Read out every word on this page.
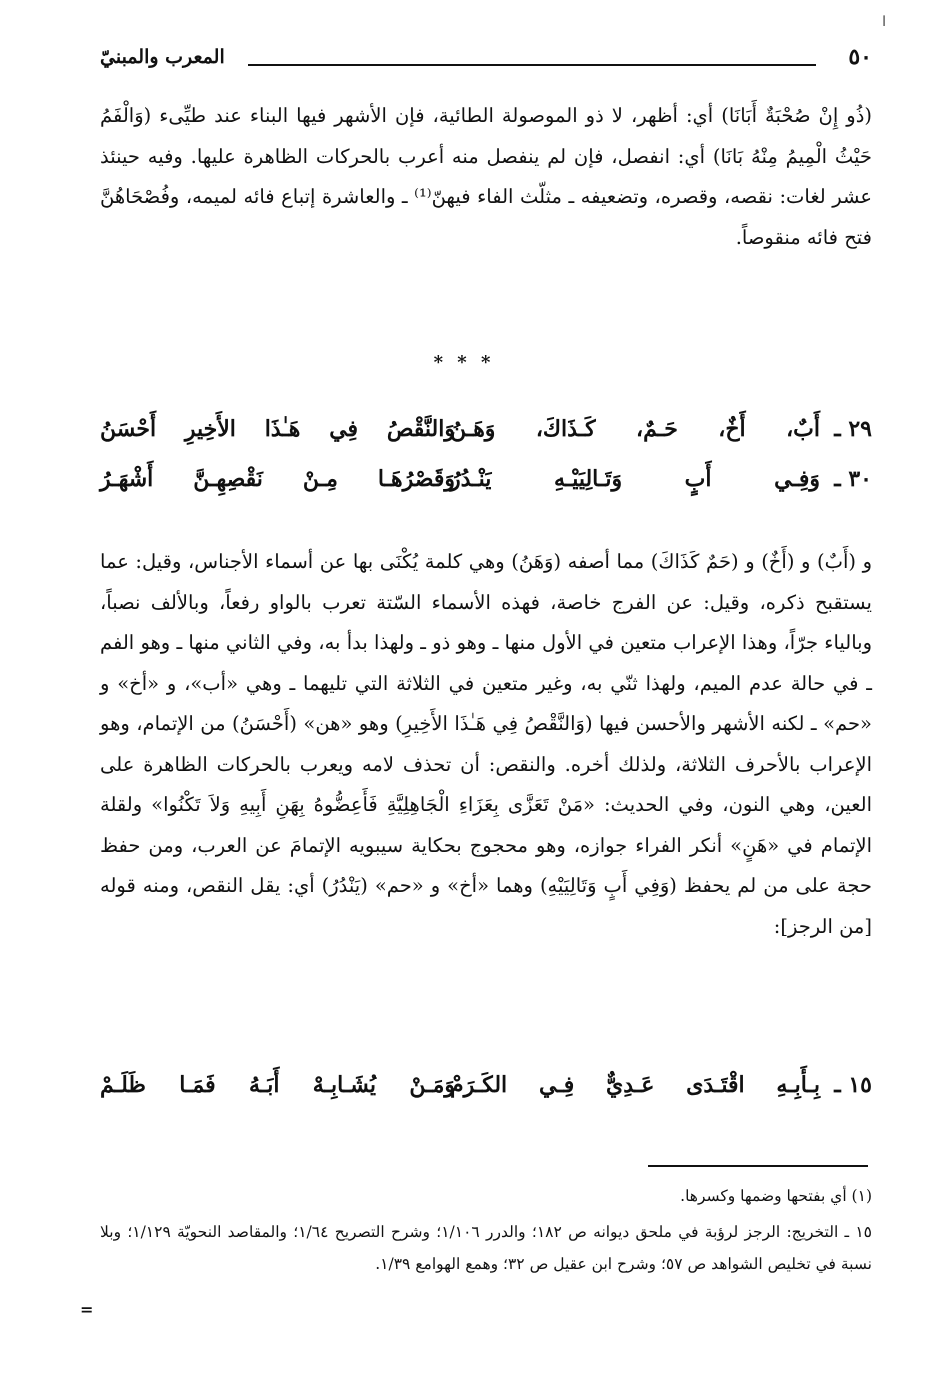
ا
٥٠
المعرب والمبنيّ
(ذُو إِنْ صُحْبَةٌ أَبَانَا) أي: أظهر، لا ذو الموصولة الطائية، فإن الأشهر فيها البناء عند طيِّىء (وَالْفَمُ حَيْثُ الْمِيمُ مِنْهُ بَانَا) أي: انفصل، فإن لم ينفصل منه أعرب بالحركات الظاهرة عليها. وفيه حينئذ عشر لغات: نقصه، وقصره، وتضعيفه ـ مثلّث الفاء فيهنّ⁽¹⁾ ـ والعاشرة إتباع فائه لميمه، وفُصْحَاهُنَّ فتح فائه منقوصاً.
* * *
٢٩ ـ
أَبٌ، أَخٌ، حَـمٌ، كَـذَاكَ، وَهَـنُ
وَالنَّقْصُ فِي هَـٰذَا الأَخِيرِ أَحْسَنُ
٣٠ ـ
وَفِـي أَبٍ وَتَـالِيَيْـهِ يَنْـدُرُ
وَقَصْرُهَـا مِـنْ نَقْصِهِـنَّ أَشْهَـرُ
و (أَبٌ) و (أَخٌ) و (حَمٌ كَذَاكَ) مما أصفه (وَهَنُ) وهي كلمة يُكْنَى بها عن أسماء الأجناس، وقيل: عما يستقبح ذكره، وقيل: عن الفرج خاصة، فهذه الأسماء السّتة تعرب بالواو رفعاً، وبالألف نصباً، وبالياء جرّاً، وهذا الإعراب متعين في الأول منها ـ وهو ذو ـ ولهذا بدأ به، وفي الثاني منها ـ وهو الفم ـ في حالة عدم الميم، ولهذا ثنّي به، وغير متعين في الثلاثة التي تليهما ـ وهي «أب»، و «أخ» و «حم» ـ لكنه الأشهر والأحسن فيها (وَالنَّقْصُ فِي هَـٰذَا الأَخِيرِ) وهو «هن» (أَحْسَنُ) من الإتمام، وهو الإعراب بالأحرف الثلاثة، ولذلك أخره. والنقص: أن تحذف لامه ويعرب بالحركات الظاهرة على العين، وهي النون، وفي الحديث: «مَنْ تَعَزَّى بِعَزَاءِ الْجَاهِلِيَّةِ فَأَعِضُّوهُ بِهَنِ أَبِيهِ وَلاَ تَكْنُوا» ولقلة الإتمام في «هَنٍ» أنكر الفراء جوازه، وهو محجوج بحكاية سيبويه الإتمامَ عن العرب، ومن حفظ حجة على من لم يحفظ (وَفِي أَبٍ وَتَالِيَيْهِ) وهما «أخ» و «حم» (يَنْدُرُ) أي: يقل النقص، ومنه قوله [من الرجز]:
١٥ ـ
بِـأَبِـهِ اقْتَـدَى عَـدِيٌّ فِـي الكَـرَمْ
وَمَـنْ يُشَـابِـهْ أَبَـهُ فَمَـا ظَلَـمْ
(١) أي بفتحها وضمها وكسرها.
١٥ ـ التخريج: الرجز لرؤبة في ملحق ديوانه ص ١٨٢؛ والدرر ١/١٠٦؛ وشرح التصريح ١/٦٤؛ والمقاصد النحويّة ١/١٢٩؛ وبلا نسبة في تخليص الشواهد ص ٥٧؛ وشرح ابن عقيل ص ٣٢؛ وهمع الهوامع ١/٣٩.
=
